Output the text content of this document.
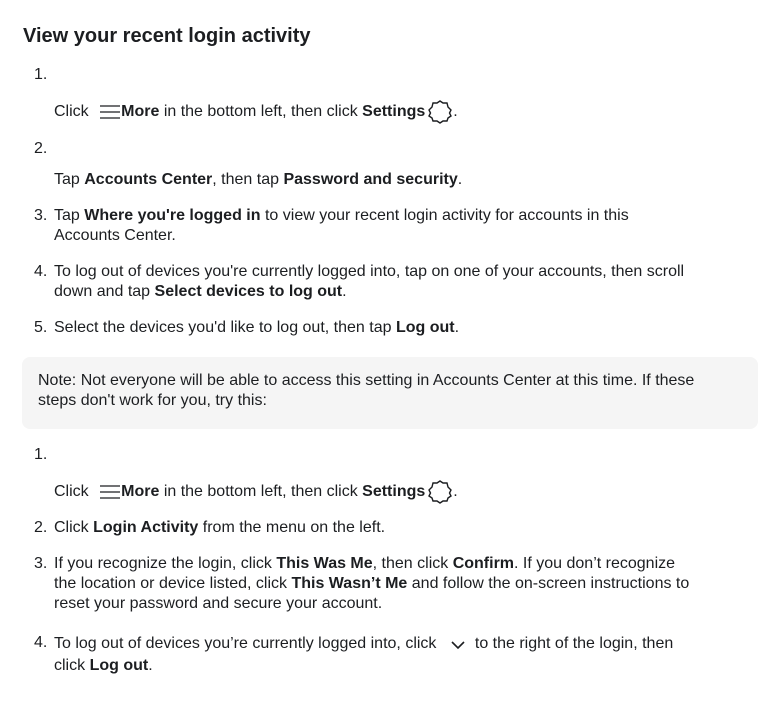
View your recent login activity
1.
Click More in the bottom left, then click Settings .
2.
Tap Accounts Center, then tap Password and security.
3. Tap Where you're logged in to view your recent login activity for accounts in this
Accounts Center.
4. To log out of devices you're currently logged into, tap on one of your accounts, then scroll
down and tap Select devices to log out.
5. Select the devices you'd like to log out, then tap Log out.
Note: Not everyone will be able to access this setting in Accounts Center at this time. If these
steps don't work for you, try this:
1.
Click More in the bottom left, then click Settings .
2. Click Login Activity from the menu on the left.
3. If you recognize the login, click This Was Me, then click Confirm. If you don’t recognize
the location or device listed, click This Wasn’t Me and follow the on-screen instructions to
reset your password and secure your account.
4. To log out of devices you’re currently logged into, click to the right of the login, then
click Log out.
